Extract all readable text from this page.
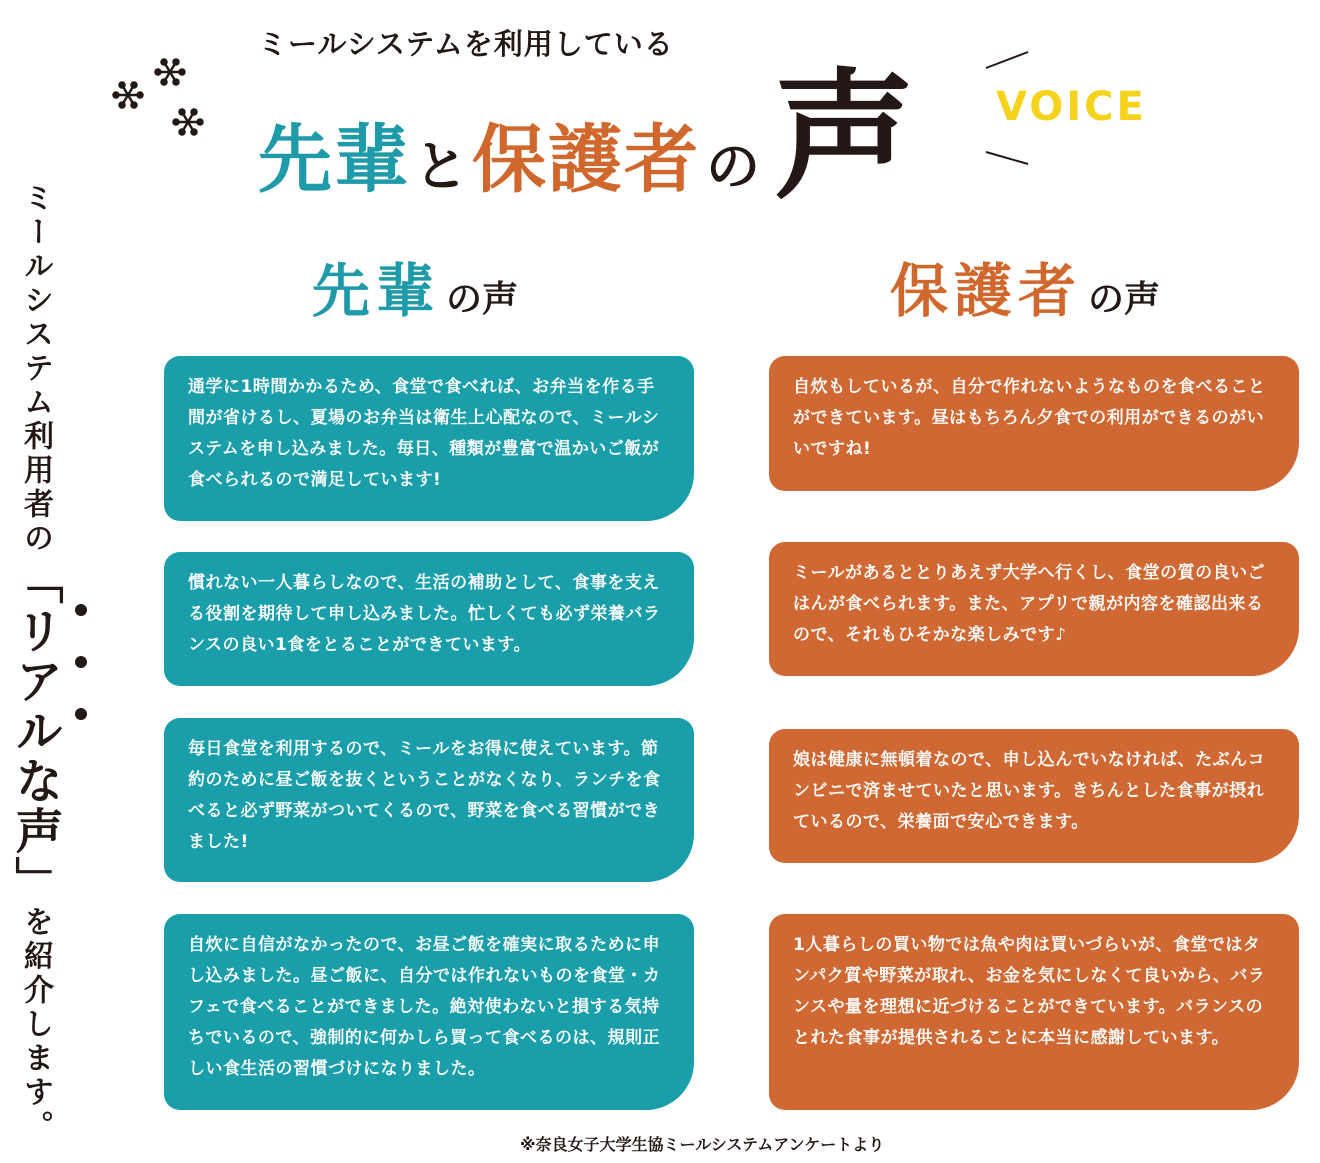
ミールシステムを利用している
先輩と保護者 の 声 VOICE
ミールシステム利用者の「リアルな声」を紹介します。
先輩 の声	保護者 の声
通学に1時間かかるため、食堂で食べれば、お弁当を作る手間が省けるし、夏場のお弁当は衛生上心配なので、ミールシステムを申し込みました。毎日、種類が豊富で温かいご飯が食べられるので満足しています!
慣れない一人暮らしなので、生活の補助として、食事を支える役割を期待して申し込みました。忙しくても必ず栄養バランスの良い1食をとることができています。
毎日食堂を利用するので、ミールをお得に使えています。節約のために昼ご飯を抜くということがなくなり、ランチを食べると必ず野菜がついてくるので、野菜を食べる習慣ができました!
自炊に自信がなかったので、お昼ご飯を確実に取るために申し込みました。昼ご飯に、自分では作れないものを食堂・カフェで食べることができました。絶対使わないと損する気持ちでいるので、強制的に何かしら買って食べるのは、規則正しい食生活の習慣づけになりました。
自炊もしているが、自分で作れないようなものを食べることができています。昼はもちろん夕食での利用ができるのがいいですね!
ミールがあるととりあえず大学へ行くし、食堂の質の良いごはんが食べられます。また、アプリで親が内容を確認出来るので、それもひそかな楽しみです♪
娘は健康に無頓着なので、申し込んでいなければ、たぶんコンビニで済ませていたと思います。きちんとした食事が摂れているので、栄養面で安心できます。
1人暮らしの買い物では魚や肉は買いづらいが、食堂ではタンパク質や野菜が取れ、お金を気にしなくて良いから、バランスや量を理想に近づけることができています。バランスのとれた食事が提供されることに本当に感謝しています。
※奈良女子大学生協ミールシステムアンケートより
